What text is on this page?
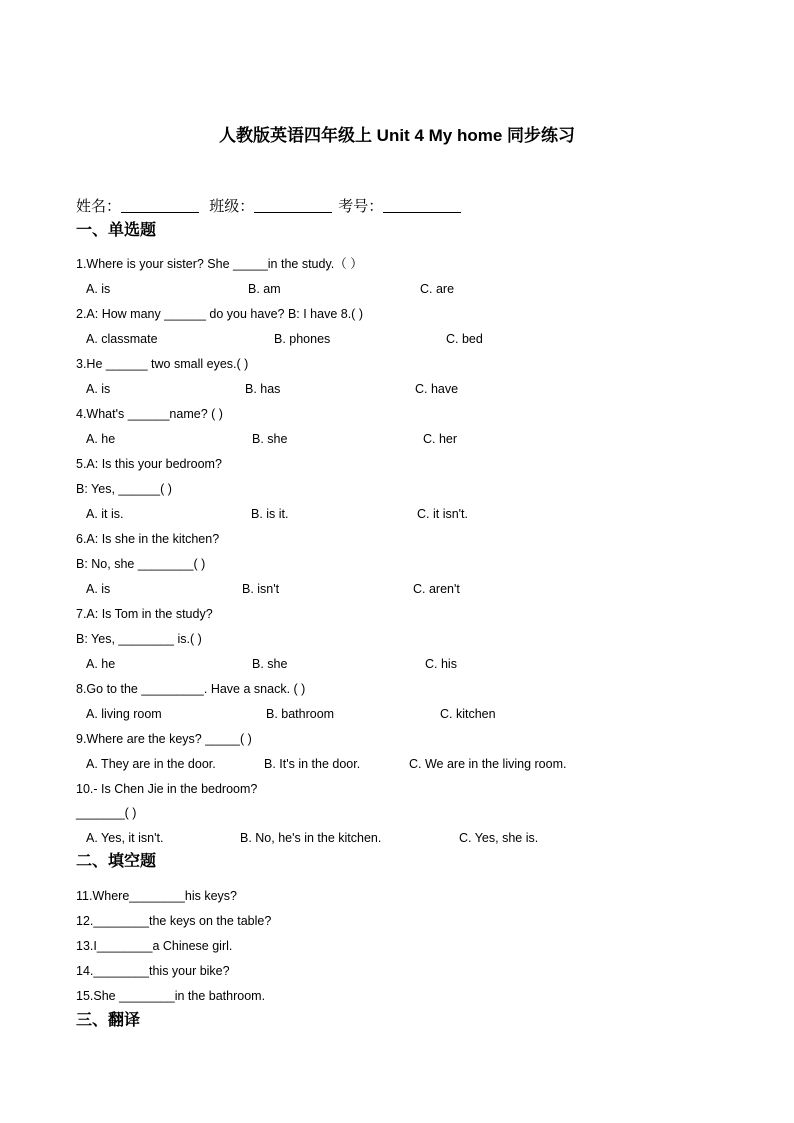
人教版英语四年级上 Unit 4 My home 同步练习
姓名：	班级：	考号：
一、单选题
1.Where is your sister? She _____in the study.（ ）
A. is	B. am	C. are
2.A: How many ______ do you have? B: I have 8.( )
A. classmate	B. phones	C. bed
3.He ______ two small eyes.( )
A. is	B. has	C. have
4.What's ______name? ( )
A. he	B. she	C. her
5.A: Is this your bedroom?
B: Yes, ______( )
A. it is.	B. is it.	C. it isn't.
6.A: Is she in the kitchen?
B: No, she ________( )
A. is	B. isn't	C. aren't
7.A: Is Tom in the study?
B: Yes, ________ is.( )
A. he	B. she	C. his
8.Go to the _________. Have a snack. ( )
A. living room	B. bathroom	C. kitchen
9.Where are the keys? _____( )
A. They are in the door.	B. It's in the door.	C. We are in the living room.
10.- Is Chen Jie in the bedroom?
_______( )
A. Yes, it isn't.	B. No, he's in the kitchen.	C. Yes, she is.
二、填空题
11.Where________his keys?
12.________the keys on the table?
13.I________a Chinese girl.
14.________this your bike?
15.She ________in the bathroom.
三、翻译
